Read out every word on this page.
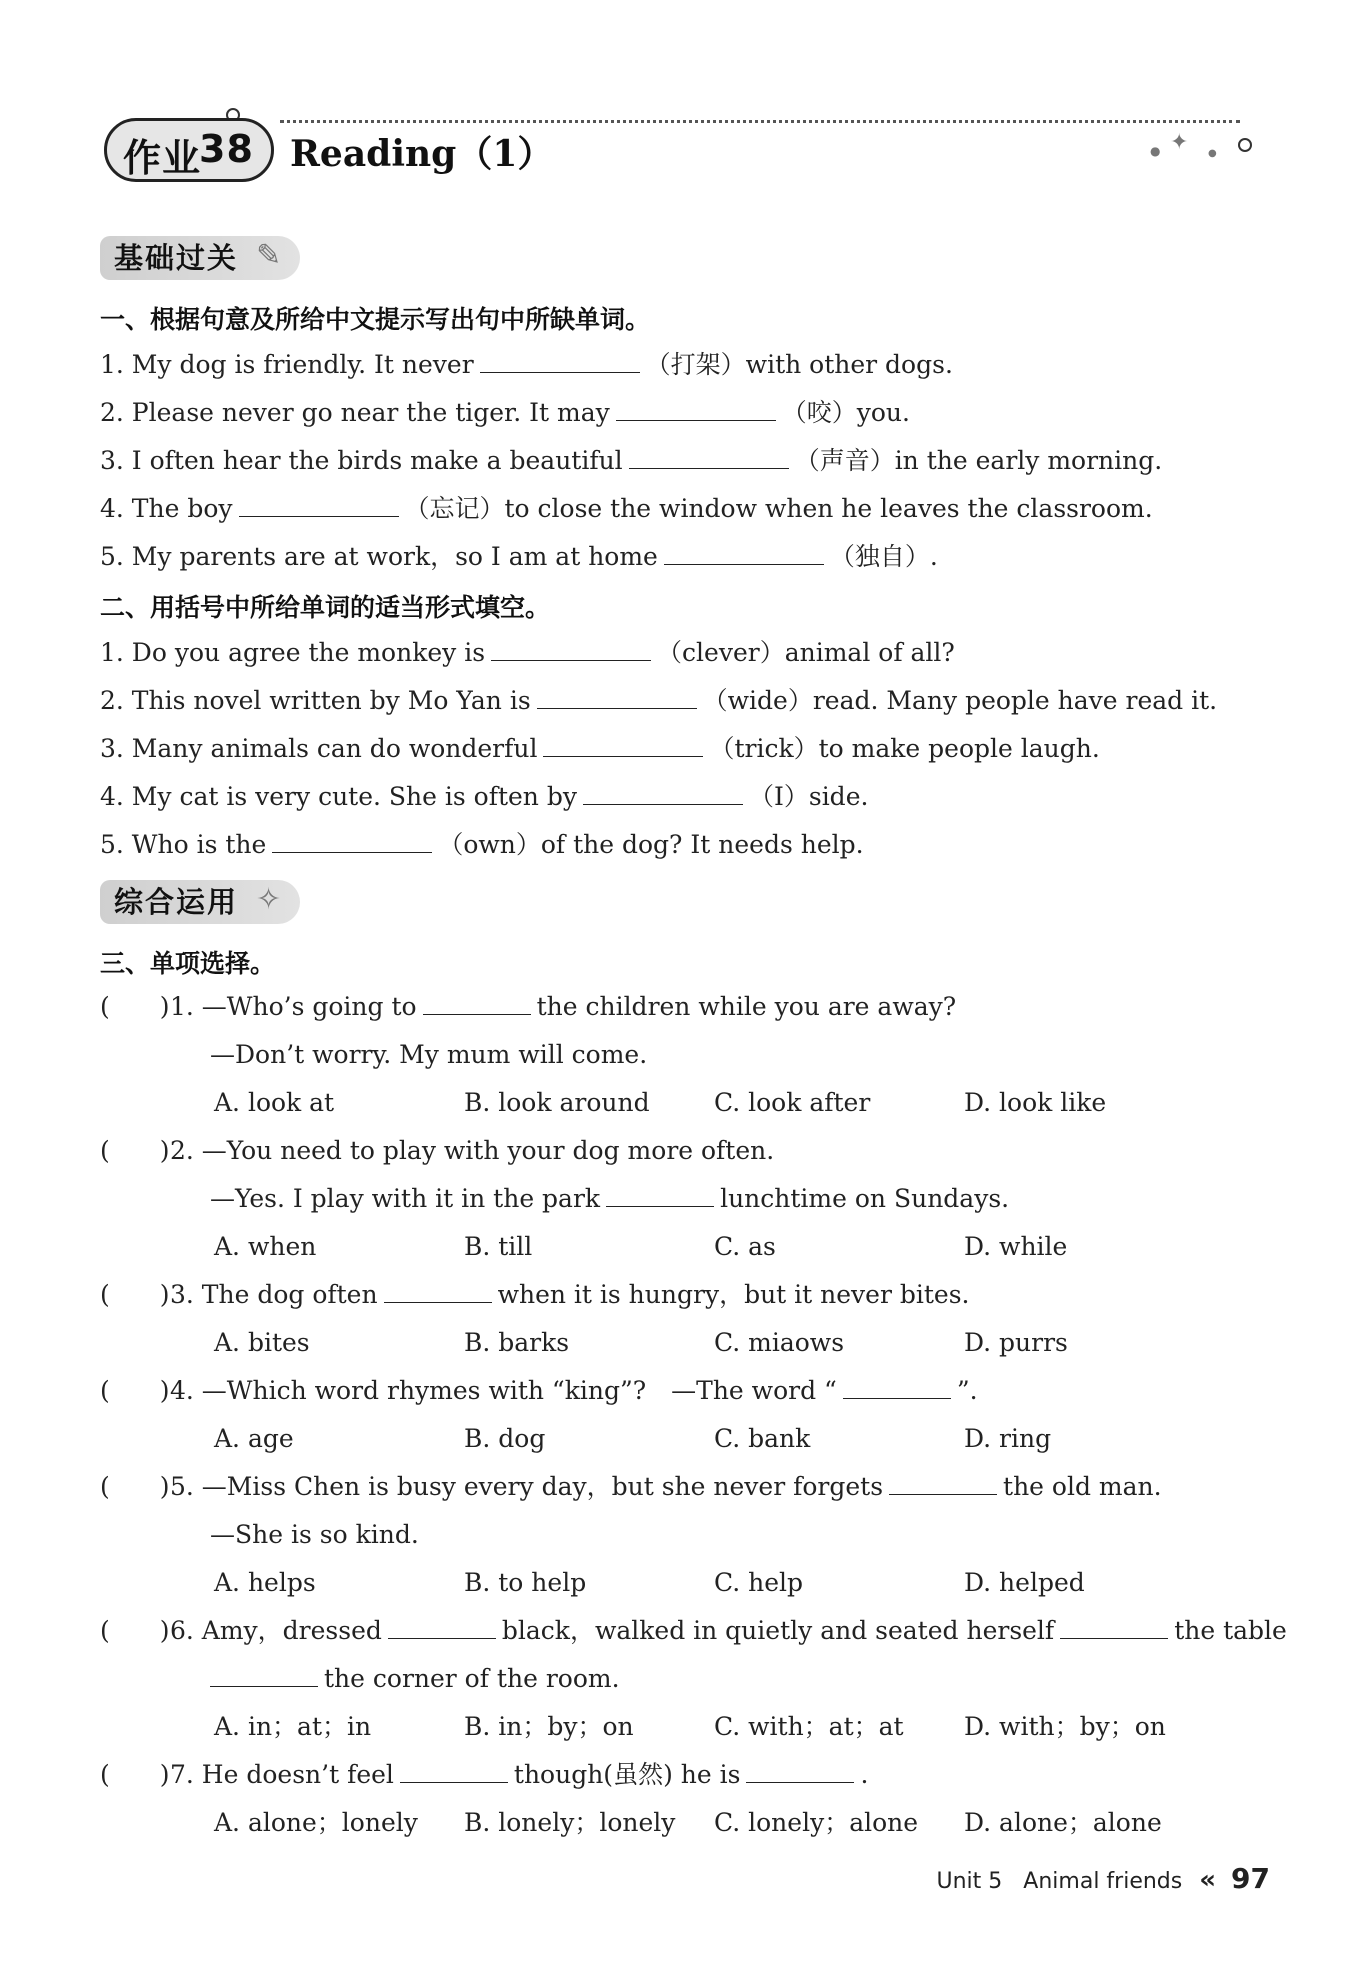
✦
●	●
作业
38 Reading（1）
基础过关 ✎
一、根据句意及所给中文提示写出句中所缺单词。
1. My dog is friendly. It never	（打架）with other dogs.
2. Please never go near the tiger. It may	（咬）you.
3. I often hear the birds make a beautiful	（声音）in the early morning.
4. The boy	（忘记）to close the window when he leaves the classroom.
5. My parents are at work，so I am at home	（独自）.
二、用括号中所给单词的适当形式填空。
1. Do you agree the monkey is	（clever）animal of all?
2. This novel written by Mo Yan is	（wide）read. Many people have read it.
3. Many animals can do wonderful	（trick）to make people laugh.
4. My cat is very cute. She is often by	（I）side.
5. Who is the	（own）of the dog? It needs help.
综合运用 ✧
三、单项选择。
(　　) 1. —Who’s going to	the children while you are away?
—Don’t worry. My mum will come.
A. look at	B. look around	C. look after	D. look like
(　　) 2. —You need to play with your dog more often.
—Yes. I play with it in the park	lunchtime on Sundays.
A. when	B. till	C. as	D. while
(　　) 3. The dog often	when it is hungry，but it never bites.
A. bites	B. barks	C. miaows	D. purrs
(　　) 4. —Which word rhymes with “king”?　—The word “	”.
A. age	B. dog	C. bank	D. ring
(　　) 5. —Miss Chen is busy every day，but she never forgets	the old man.
—She is so kind.
A. helps	B. to help	C. help	D. helped
(　　) 6. Amy，dressed	black，walked in quietly and seated herself	the table
the corner of the room.
A. in；at；in	B. in；by；on	C. with；at；at D. with；by；on
(　　) 7. He doesn’t feel	though(虽然) he is	.
A. alone；lonely B. lonely；lonely C. lonely；alone D. alone；alone
Unit 5 Animal friends « 97
